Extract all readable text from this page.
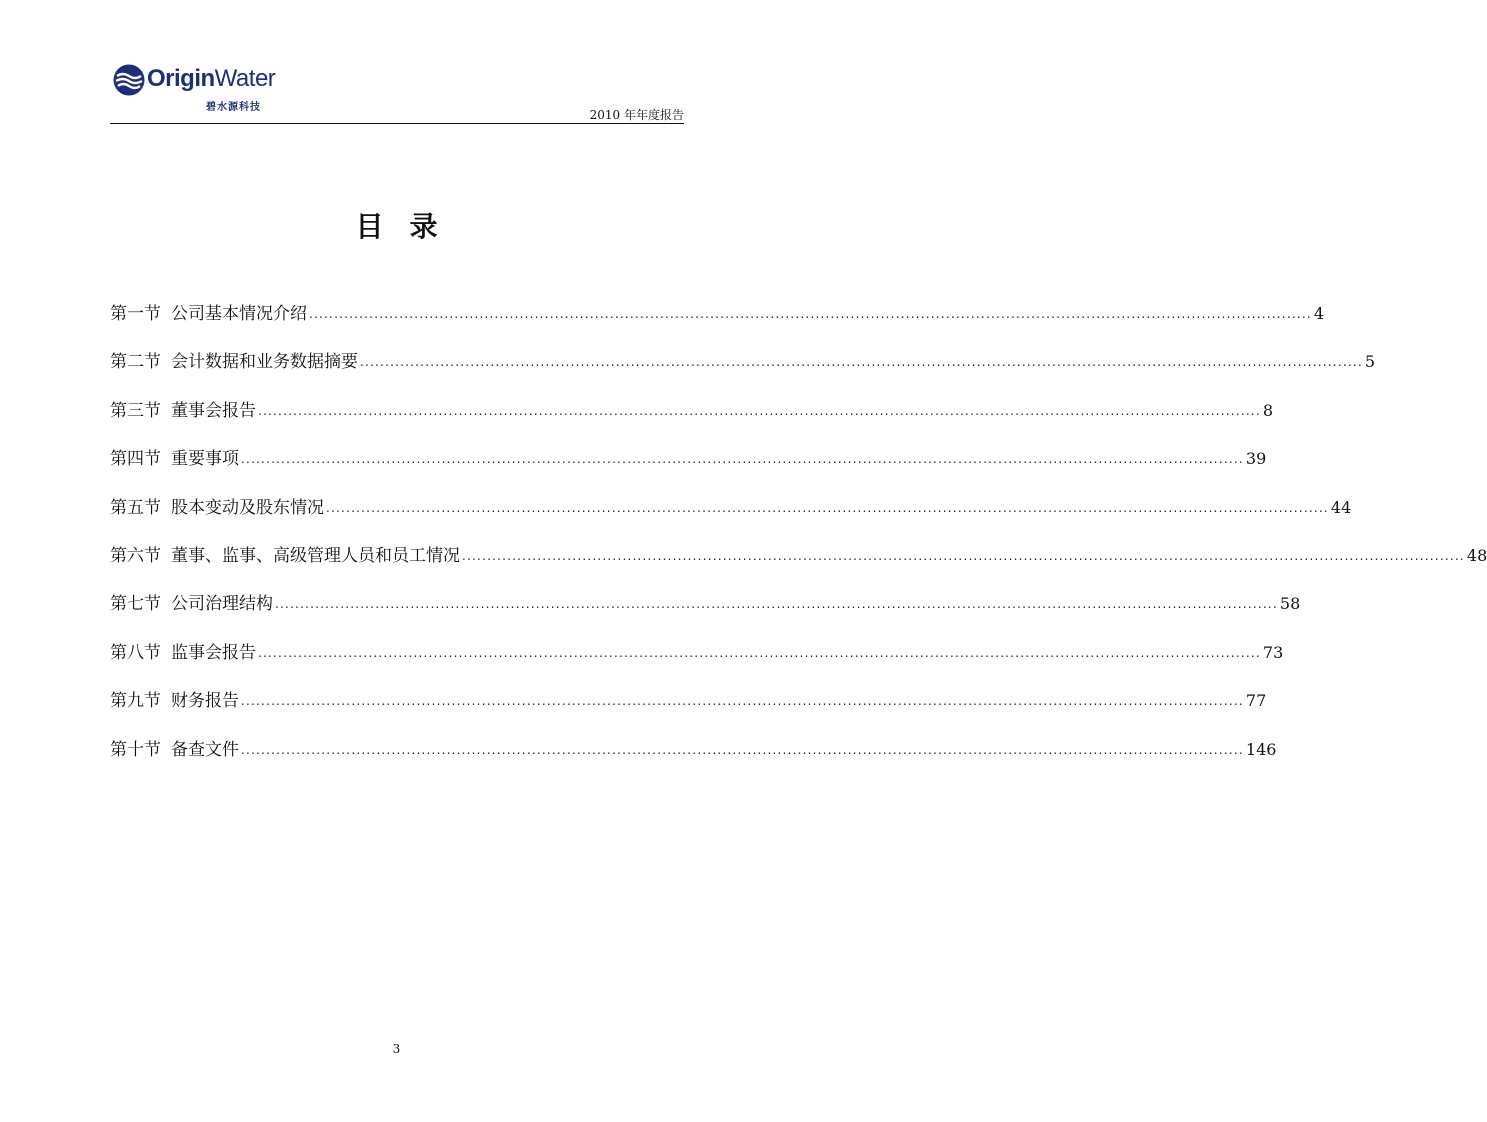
OriginWater
碧水源科技
2010 年年度报告
目 录
第一节 公司基本情况介绍 ........................................................................................................................................................................................................ 4
第二节 会计数据和业务数据摘要 ........................................................................................................................................................................................................ 5
第三节 董事会报告 ........................................................................................................................................................................................................ 8
第四节 重要事项 ........................................................................................................................................................................................................ 39
第五节 股本变动及股东情况 ........................................................................................................................................................................................................ 44
第六节 董事、监事、高级管理人员和员工情况 ........................................................................................................................................................................................................ 48
第七节 公司治理结构 ........................................................................................................................................................................................................ 58
第八节 监事会报告 ........................................................................................................................................................................................................ 73
第九节 财务报告 ........................................................................................................................................................................................................ 77
第十节 备查文件 ........................................................................................................................................................................................................ 146
3
